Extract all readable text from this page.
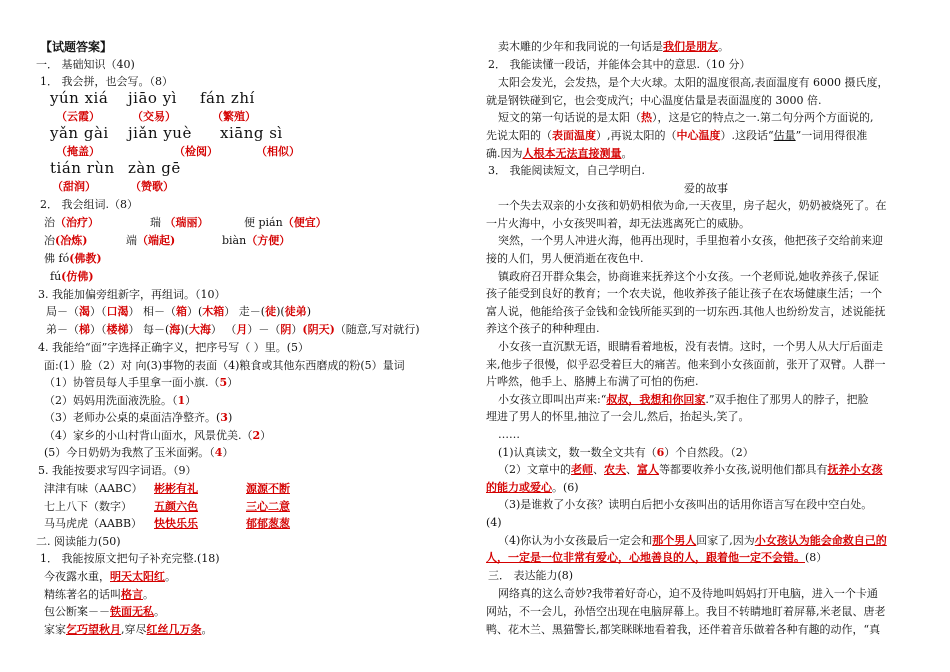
【试题答案】
一． 基础知识（40)
1． 我会拼，也会写。（8）
yún xiá jiāo yì fán zhí
（云霞）	（交易）	（繁殖）
yǎn gài jiǎn yuè xiāng sì
（掩盖）	（检阅）	（相似）
tián rùn zàn gē
（甜润）	（赞歌）
2． 我会组词.（8）
治（治疗）	瑞 （瑞丽）	便 pián（便宜）
冶(冶炼)	端（端起)	biàn（方便）
佛 fó(佛教)
fú(仿佛)
3. 我能加偏旁组新字，再组词。（10）
局－（渴）（口渴） 相－（箱）(木箱） 走－(徒)(徒弟)
弟－（梯）（楼梯） 每－(海)(大海） （月）－（阴）(阴天)（随意,写对就行)
4. 我能给“面”字选择正确字义，把序号写（ ）里。(5）
面:(1）脸（2）对 向(3)事物的表面（4)粮食或其他东西磨成的粉(5）量词
（1）协管员每人手里拿一面小旗.（5）
（2）妈妈用洗面液洗脸。（1）
（3）老师办公桌的桌面洁净整齐。(3)
（4）家乡的小山村背山面水，风景优美.（2）
(5）今日奶奶为我熬了玉米面粥。（4）
5. 我能按要求写四字词语。（9）
津津有味（AABC） 彬彬有礼	源源不断
七上八下（数字） 五颜六色	三心二意
马马虎虎（AABB） 快快乐乐	郁郁葱葱
二. 阅读能力(50)
1． 我能按原文把句子补充完整.(18)
今夜露水重，明天太阳红。
精练著名的话叫格言。
包公断案－－铁面无私。
家家乞巧望秋月,穿尽红丝几万条。
卖木雕的少年和我同说的一句话是我们是朋友。
2． 我能读懂一段话，并能体会其中的意思.（10 分）
太阳会发光，会发热，是个大火球。太阳的温度很高,表面温度有 6000 摄氏度，
就是钢铁碰到它，也会变成汽；中心温度估量是表面温度的 3000 倍.
短文的第一句话说的是太阳（热），这是它的特点之一.第二句分两个方面说的,
先说太阳的（表面温度）,再说太阳的（中心温度）.这段话“估量”一词用得很准
确.因为人根本无法直接测量。
3． 我能阅读短文，自己学明白.
爱的故事
一个失去双亲的小女孩和奶奶相依为命,一天夜里，房子起火，奶奶被烧死了。在
一片火海中，小女孩哭叫着，却无法逃离死亡的威胁。
突然，一个男人冲进火海，他再出现时，手里抱着小女孩，他把孩子交给前来迎
接的人们，男人便消逝在夜色中.
镇政府召开群众集会，协商谁来抚养这个小女孩。一个老师说,她收养孩子,保证
孩子能受到良好的教育；一个农夫说，他收养孩子能让孩子在农场健康生活；一个
富人说，他能给孩子金钱和金钱所能买到的一切东西.其他人也纷纷发言，述说能抚
养这个孩子的种种理由.
小女孩一直沉默无语，眼睛看着地板，没有表情。这时，一个男人从大厅后面走
来,他步子很慢，似乎忍受着巨大的痛苦。他来到小女孩面前，张开了双臂。人群一
片哗然，他手上、胳膊上布满了可怕的伤疤.
小女孩立即叫出声来:“叔叔，我想和你回家.”双手抱住了那男人的脖子，把脸
埋进了男人的怀里,抽泣了一会儿,然后，抬起头,笑了。
……
(1)认真读文，数一数全文共有（6）个自然段。（2）
（2）文章中的老师、农夫、富人等都要收养小女孩,说明他们都具有抚养小女孩
的能力或爱心。(6)
（3)是谁救了小女孩？读明白后把小女孩叫出的话用你语言写在段中空白处。
(4)
（4)你认为小女孩最后一定会和那个男人回家了,因为小女孩认为能会命救自己的
人，一定是一位非常有爱心，心地善良的人，跟着他一定不会错。(8）
三． 表达能力(8)
网络真的这么奇妙?我带着好奇心，迫不及待地叫妈妈打开电脑，进入一个卡通
网站，不一会儿，孙悟空出现在电脑屏幕上。我目不转睛地盯着屏幕,米老鼠、唐老
鸭、花木兰、黑猫警长,都笑眯眯地看着我，还伴着音乐做着各种有趣的动作，“真
